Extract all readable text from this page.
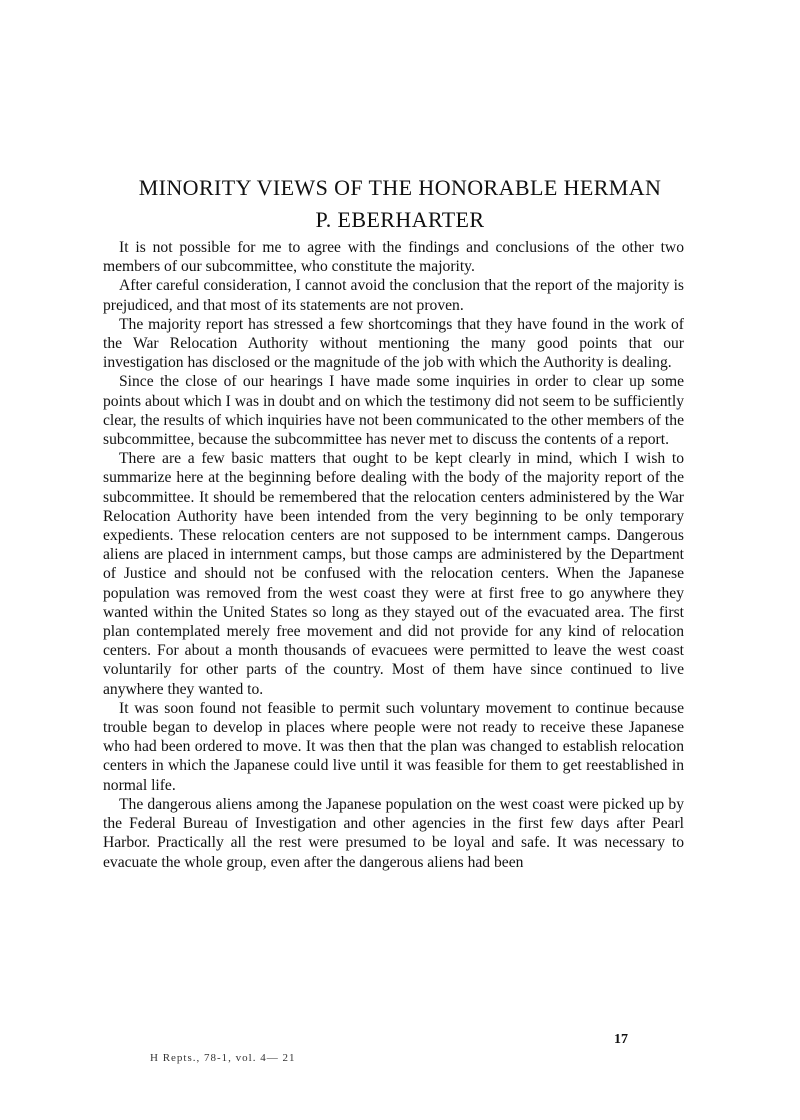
MINORITY VIEWS OF THE HONORABLE HERMAN
P. EBERHARTER

It is not possible for me to agree with the findings and conclusions of the other two members of our subcommittee, who constitute the majority.

After careful consideration, I cannot avoid the conclusion that the report of the majority is prejudiced, and that most of its statements are not proven.

The majority report has stressed a few shortcomings that they have found in the work of the War Relocation Authority without mentioning the many good points that our investigation has disclosed or the magnitude of the job with which the Authority is dealing.

Since the close of our hearings I have made some inquiries in order to clear up some points about which I was in doubt and on which the testimony did not seem to be sufficiently clear, the results of which inquiries have not been communicated to the other members of the subcommittee, because the subcommittee has never met to discuss the contents of a report.

There are a few basic matters that ought to be kept clearly in mind, which I wish to summarize here at the beginning before dealing with the body of the majority report of the subcommittee. It should be remembered that the relocation centers administered by the War Relocation Authority have been intended from the very beginning to be only temporary expedients. These relocation centers are not supposed to be internment camps. Dangerous aliens are placed in internment camps, but those camps are administered by the Department of Justice and should not be confused with the relocation centers. When the Japanese population was removed from the west coast they were at first free to go anywhere they wanted within the United States so long as they stayed out of the evacuated area. The first plan contemplated merely free movement and did not provide for any kind of relocation centers. For about a month thousands of evacuees were permitted to leave the west coast voluntarily for other parts of the country. Most of them have since continued to live anywhere they wanted to.

It was soon found not feasible to permit such voluntary movement to continue because trouble began to develop in places where people were not ready to receive these Japanese who had been ordered to move. It was then that the plan was changed to establish relocation centers in which the Japanese could live until it was feasible for them to get reestablished in normal life.

The dangerous aliens among the Japanese population on the west coast were picked up by the Federal Bureau of Investigation and other agencies in the first few days after Pearl Harbor. Practically all the rest were presumed to be loyal and safe. It was necessary to evacuate the whole group, even after the dangerous aliens had been

17
H Repts., 78-1, vol. 4— 21
